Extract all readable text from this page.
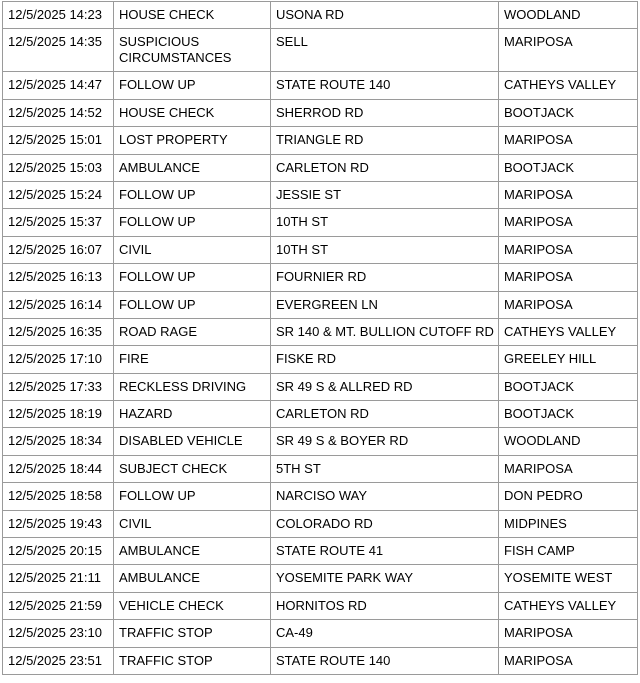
12/5/2025 14:23	HOUSE CHECK	USONA RD	WOODLAND
12/5/2025 14:35	SUSPICIOUS CIRCUMSTANCES	SELL	MARIPOSA
12/5/2025 14:47	FOLLOW UP	STATE ROUTE 140	CATHEYS VALLEY
12/5/2025 14:52	HOUSE CHECK	SHERROD RD	BOOTJACK
12/5/2025 15:01	LOST PROPERTY	TRIANGLE RD	MARIPOSA
12/5/2025 15:03	AMBULANCE	CARLETON RD	BOOTJACK
12/5/2025 15:24	FOLLOW UP	JESSIE ST	MARIPOSA
12/5/2025 15:37	FOLLOW UP	10TH ST	MARIPOSA
12/5/2025 16:07	CIVIL	10TH ST	MARIPOSA
12/5/2025 16:13	FOLLOW UP	FOURNIER RD	MARIPOSA
12/5/2025 16:14	FOLLOW UP	EVERGREEN LN	MARIPOSA
12/5/2025 16:35	ROAD RAGE	SR 140 & MT. BULLION CUTOFF RD	CATHEYS VALLEY
12/5/2025 17:10	FIRE	FISKE RD	GREELEY HILL
12/5/2025 17:33	RECKLESS DRIVING	SR 49 S & ALLRED RD	BOOTJACK
12/5/2025 18:19	HAZARD	CARLETON RD	BOOTJACK
12/5/2025 18:34	DISABLED VEHICLE	SR 49 S & BOYER RD	WOODLAND
12/5/2025 18:44	SUBJECT CHECK	5TH ST	MARIPOSA
12/5/2025 18:58	FOLLOW UP	NARCISO WAY	DON PEDRO
12/5/2025 19:43	CIVIL	COLORADO RD	MIDPINES
12/5/2025 20:15	AMBULANCE	STATE ROUTE 41	FISH CAMP
12/5/2025 21:11	AMBULANCE	YOSEMITE PARK WAY	YOSEMITE WEST
12/5/2025 21:59	VEHICLE CHECK	HORNITOS RD	CATHEYS VALLEY
12/5/2025 23:10	TRAFFIC STOP	CA-49	MARIPOSA
12/5/2025 23:51	TRAFFIC STOP	STATE ROUTE 140	MARIPOSA
